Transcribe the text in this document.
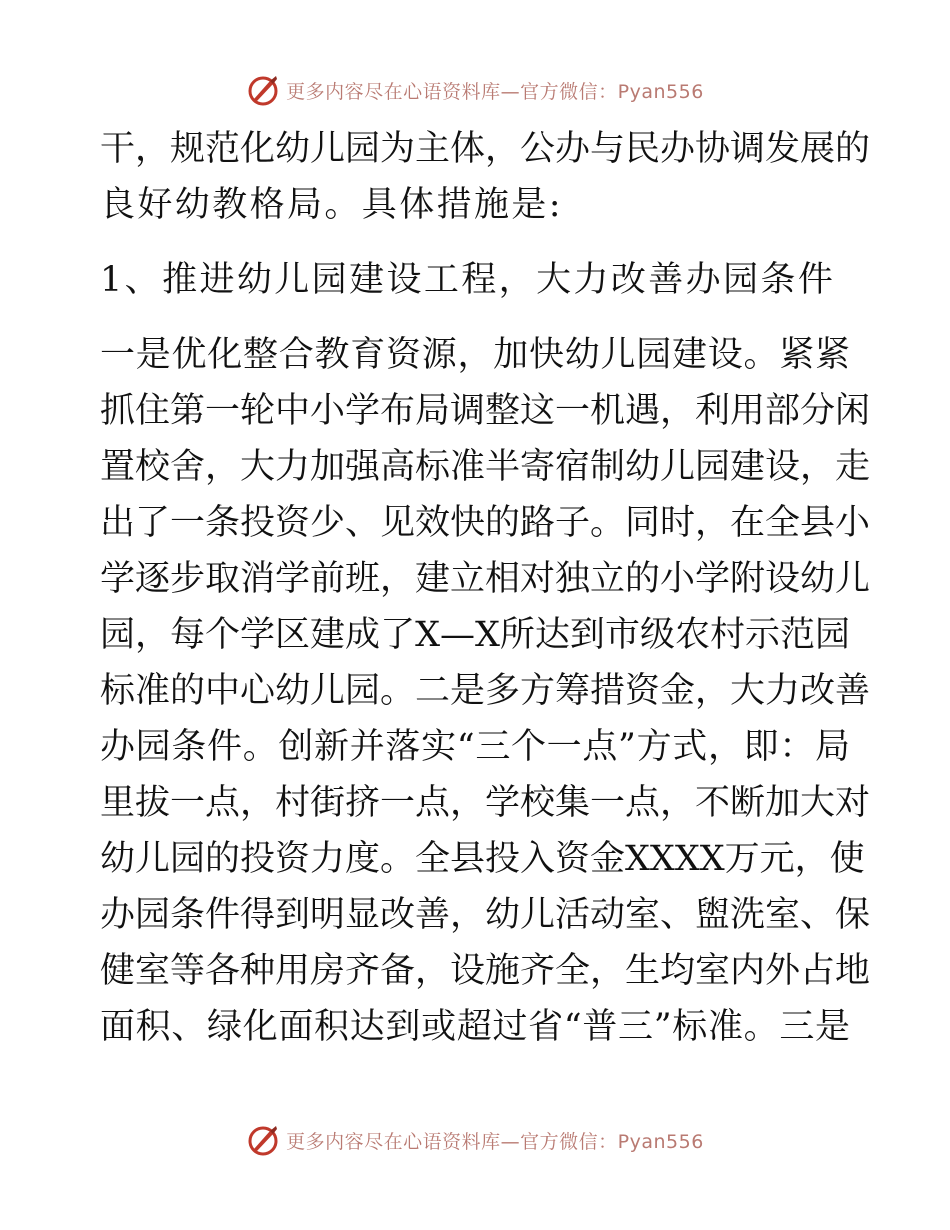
更多内容尽在心语资料库—官方微信：Pyan556
干，规范化幼儿园为主体，公办与民办协调发展的
良好幼教格局。具体措施是:
1、推进幼儿园建设工程，大力改善办园条件
一是优化整合教育资源，加快幼儿园建设。紧紧
抓住第一轮中小学布局调整这一机遇，利用部分闲
置校舍，大力加强高标准半寄宿制幼儿园建设，走
出了一条投资少、见效快的路子。同时，在全县小
学逐步取消学前班，建立相对独立的小学附设幼儿
园，每个学区建成了X—X所达到市级农村示范园
标准的中心幼儿园。二是多方筹措资金，大力改善
办园条件。创新并落实“三个一点”方式，即：局
里拔一点，村街挤一点，学校集一点，不断加大对
幼儿园的投资力度。全县投入资金XXXX万元，使
办园条件得到明显改善，幼儿活动室、盥洗室、保
健室等各种用房齐备，设施齐全，生均室内外占地
面积、绿化面积达到或超过省“普三”标准。三是
更多内容尽在心语资料库—官方微信：Pyan556
